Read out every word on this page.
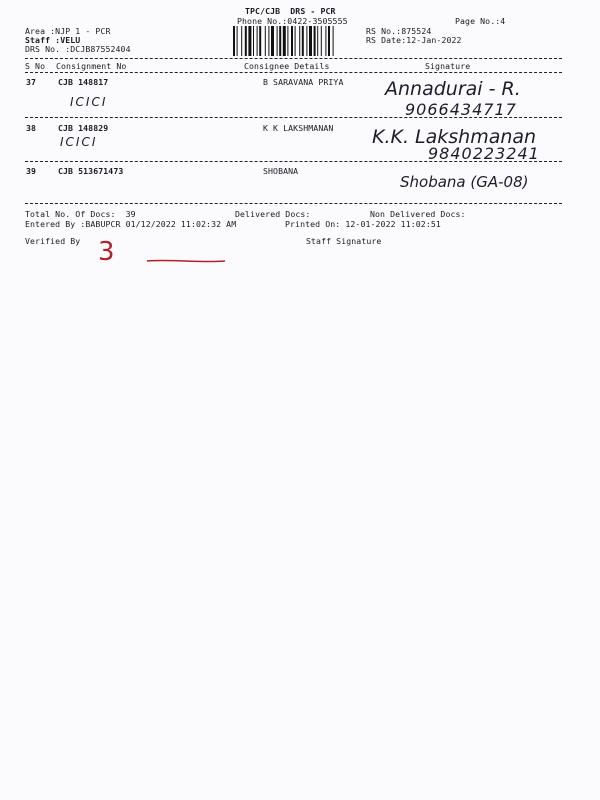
TPC/CJB  DRS - PCR
Phone No.:0422-3505555	Page No.:4
Area :NJP 1 - PCR
Staff :VELU
DRS No. :DCJB87552404
RS No.:875524
RS Date:12-Jan-2022
S No Consignment No	Consignee Details	Signature
37	CJB 148817	B SARAVANA PRIYA
ICICI
Annadurai - R.
9066434717
38	CJB 148829	K K LAKSHMANAN
ICICI	K.K. Lakshmanan
9840223241
39	CJB 513671473	SHOBANA
Shobana (GA-08)
Total No. Of Docs:  39	Delivered Docs:	Non Delivered Docs:
Entered By :BABUPCR 01/12/2022 11:02:32 AM	Printed On: 12-01-2022 11:02:51
Verified By 3	Staff Signature
